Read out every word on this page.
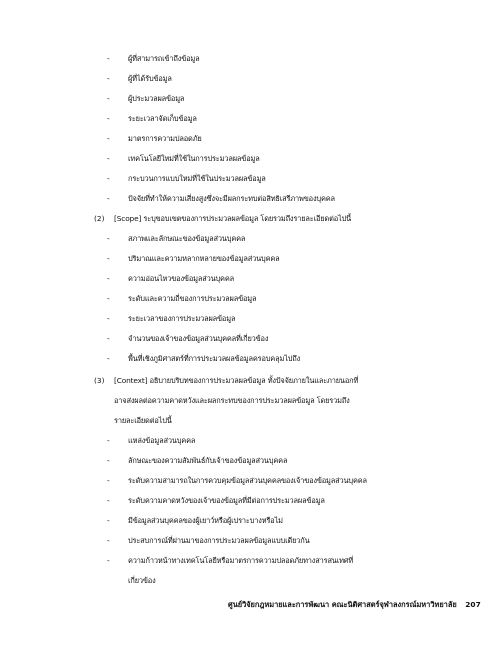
- ผู้ที่สามารถเข้าถึงข้อมูล
- ผู้ที่ได้รับข้อมูล
- ผู้ประมวลผลข้อมูล
- ระยะเวลาจัดเก็บข้อมูล
- มาตรการความปลอดภัย
- เทคโนโลยีใหม่ที่ใช้ในการประมวลผลข้อมูล
- กระบวนการแบบใหม่ที่ใช้ในประมวลผลข้อมูล
- ปัจจัยที่ทำให้ความเสี่ยงสูงซึ่งจะมีผลกระทบต่อสิทธิเสรีภาพของบุคคล
(2) [Scope] ระบุขอบเขตของการประมวลผลข้อมูล โดยรวมถึงรายละเอียดต่อไปนี้
- สภาพและลักษณะของข้อมูลส่วนบุคคล
- ปริมาณและความหลากหลายของข้อมูลส่วนบุคคล
- ความอ่อนไหวของข้อมูลส่วนบุคคล
- ระดับและความถี่ของการประมวลผลข้อมูล
- ระยะเวลาของการประมวลผลข้อมูล
- จำนวนของเจ้าของข้อมูลส่วนบุคคลที่เกี่ยวข้อง
- พื้นที่เชิงภูมิศาสตร์ที่การประมวลผลข้อมูลครอบคลุมไปถึง
(3) [Context] อธิบายบริบทของการประมวลผลข้อมูล ทั้งปัจจัยภายในและภายนอกที่
อาจส่งผลต่อความคาดหวังและผลกระทบของการประมวลผลข้อมูล โดยรวมถึง
รายละเอียดต่อไปนี้
- แหล่งข้อมูลส่วนบุคคล
- ลักษณะของความสัมพันธ์กับเจ้าของข้อมูลส่วนบุคคล
- ระดับความสามารถในการควบคุมข้อมูลส่วนบุคคลของเจ้าของข้อมูลส่วนบุคคล
- ระดับความคาดหวังของเจ้าของข้อมูลที่มีต่อการประมวลผลข้อมูล
- มีข้อมูลส่วนบุคคลของผู้เยาว์หรือผู้เปราะบางหรือไม่
- ประสบการณ์ที่ผ่านมาของการประมวลผลข้อมูลแบบเดียวกัน
- ความก้าวหน้าทางเทคโนโลยีหรือมาตรการความปลอดภัยทางสารสนเทศที่
เกี่ยวข้อง
ศูนย์วิจัยกฎหมายและการพัฒนา คณะนิติศาสตร์จุฬาลงกรณ์มหาวิทยาลัย 207
